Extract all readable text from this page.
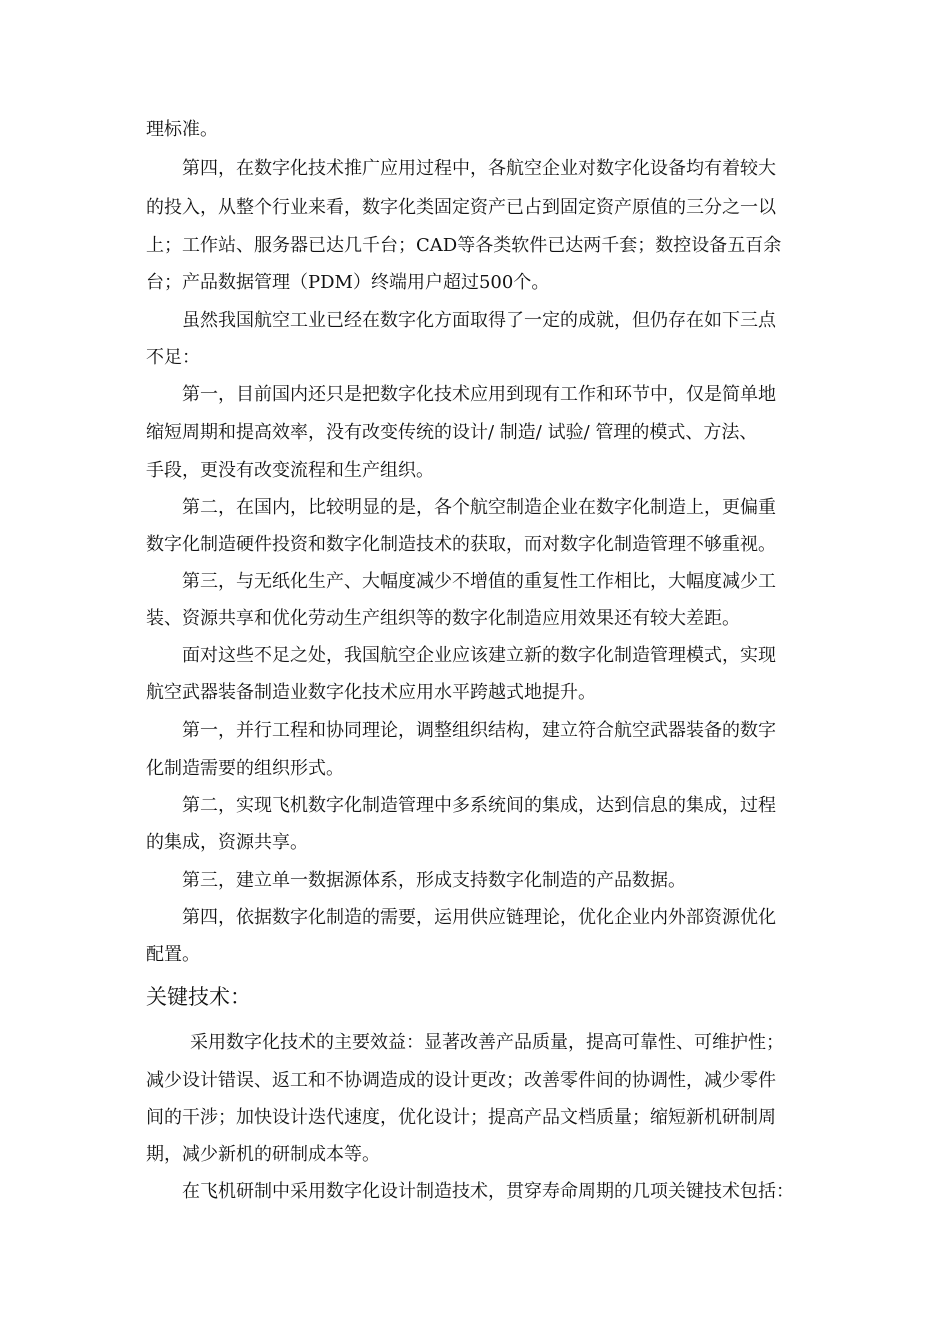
理标准。

第四，在数字化技术推广应用过程中，各航空企业对数字化设备均有着较大

的投入，从整个行业来看，数字化类固定资产已占到固定资产原值的三分之一以

上；工作站、服务器已达几千台；CAD等各类软件已达两千套；数控设备五百余

台；产品数据管理（PDM）终端用户超过500个。

虽然我国航空工业已经在数字化方面取得了一定的成就，但仍存在如下三点

不足：

第一，目前国内还只是把数字化技术应用到现有工作和环节中，仅是简单地

缩短周期和提高效率，没有改变传统的设计/ 制造/ 试验/ 管理的模式、方法、

手段，更没有改变流程和生产组织。

第二，在国内，比较明显的是，各个航空制造企业在数字化制造上，更偏重

数字化制造硬件投资和数字化制造技术的获取，而对数字化制造管理不够重视。

第三，与无纸化生产、大幅度减少不增值的重复性工作相比，大幅度减少工

装、资源共享和优化劳动生产组织等的数字化制造应用效果还有较大差距。

面对这些不足之处，我国航空企业应该建立新的数字化制造管理模式，实现

航空武器装备制造业数字化技术应用水平跨越式地提升。

第一，并行工程和协同理论，调整组织结构，建立符合航空武器装备的数字

化制造需要的组织形式。

第二，实现飞机数字化制造管理中多系统间的集成，达到信息的集成，过程

的集成，资源共享。

第三，建立单一数据源体系，形成支持数字化制造的产品数据。

第四，依据数字化制造的需要，运用供应链理论，优化企业内外部资源优化

配置。

关键技术：

采用数字化技术的主要效益：显著改善产品质量，提高可靠性、可维护性；

减少设计错误、返工和不协调造成的设计更改；改善零件间的协调性，减少零件

间的干涉；加快设计迭代速度，优化设计；提高产品文档质量；缩短新机研制周

期，减少新机的研制成本等。

在飞机研制中采用数字化设计制造技术，贯穿寿命周期的几项关键技术包括：
